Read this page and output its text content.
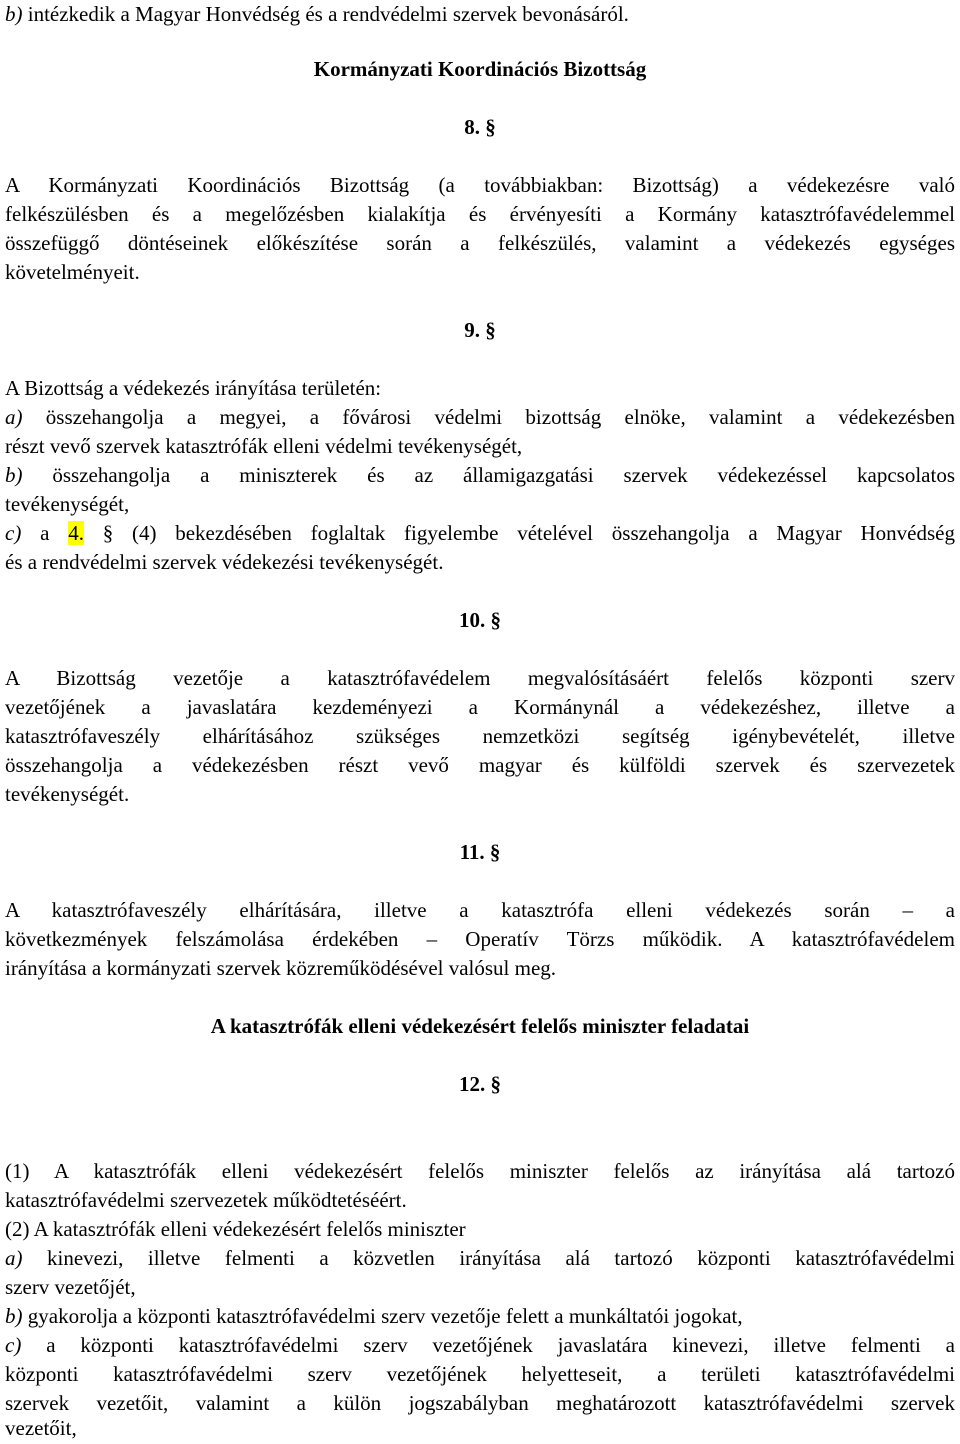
b) intézkedik a Magyar Honvédség és a rendvédelmi szervek bevonásáról.
Kormányzati Koordinációs Bizottság
8. §
A Kormányzati Koordinációs Bizottság (a továbbiakban: Bizottság) a védekezésre való
felkészülésben és a megelőzésben kialakítja és érvényesíti a Kormány katasztrófavédelemmel
összefüggő döntéseinek előkészítése során a felkészülés, valamint a védekezés egységes
követelményeit.
9. §
A Bizottság a védekezés irányítása területén:
a) összehangolja a megyei, a fővárosi védelmi bizottság elnöke, valamint a védekezésben
részt vevő szervek katasztrófák elleni védelmi tevékenységét,
b) összehangolja a miniszterek és az államigazgatási szervek védekezéssel kapcsolatos
tevékenységét,
c) a 4. § (4) bekezdésében foglaltak figyelembe vételével összehangolja a Magyar Honvédség
és a rendvédelmi szervek védekezési tevékenységét.
10. §
A Bizottság vezetője a katasztrófavédelem megvalósításáért felelős központi szerv
vezetőjének a javaslatára kezdeményezi a Kormánynál a védekezéshez, illetve a
katasztrófaveszély elhárításához szükséges nemzetközi segítség igénybevételét, illetve
összehangolja a védekezésben részt vevő magyar és külföldi szervek és szervezetek
tevékenységét.
11. §
A katasztrófaveszély elhárítására, illetve a katasztrófa elleni védekezés során – a
következmények felszámolása érdekében – Operatív Törzs működik. A katasztrófavédelem
irányítása a kormányzati szervek közreműködésével valósul meg.
A katasztrófák elleni védekezésért felelős miniszter feladatai
12. §
(1) A katasztrófák elleni védekezésért felelős miniszter felelős az irányítása alá tartozó
katasztrófavédelmi szervezetek működtetéséért.
(2) A katasztrófák elleni védekezésért felelős miniszter
a) kinevezi, illetve felmenti a közvetlen irányítása alá tartozó központi katasztrófavédelmi
szerv vezetőjét,
b) gyakorolja a központi katasztrófavédelmi szerv vezetője felett a munkáltatói jogokat,
c) a központi katasztrófavédelmi szerv vezetőjének javaslatára kinevezi, illetve felmenti a
központi katasztrófavédelmi szerv vezetőjének helyetteseit, a területi katasztrófavédelmi
szervek vezetőit, valamint a külön jogszabályban meghatározott katasztrófavédelmi szervek
vezetőit,
